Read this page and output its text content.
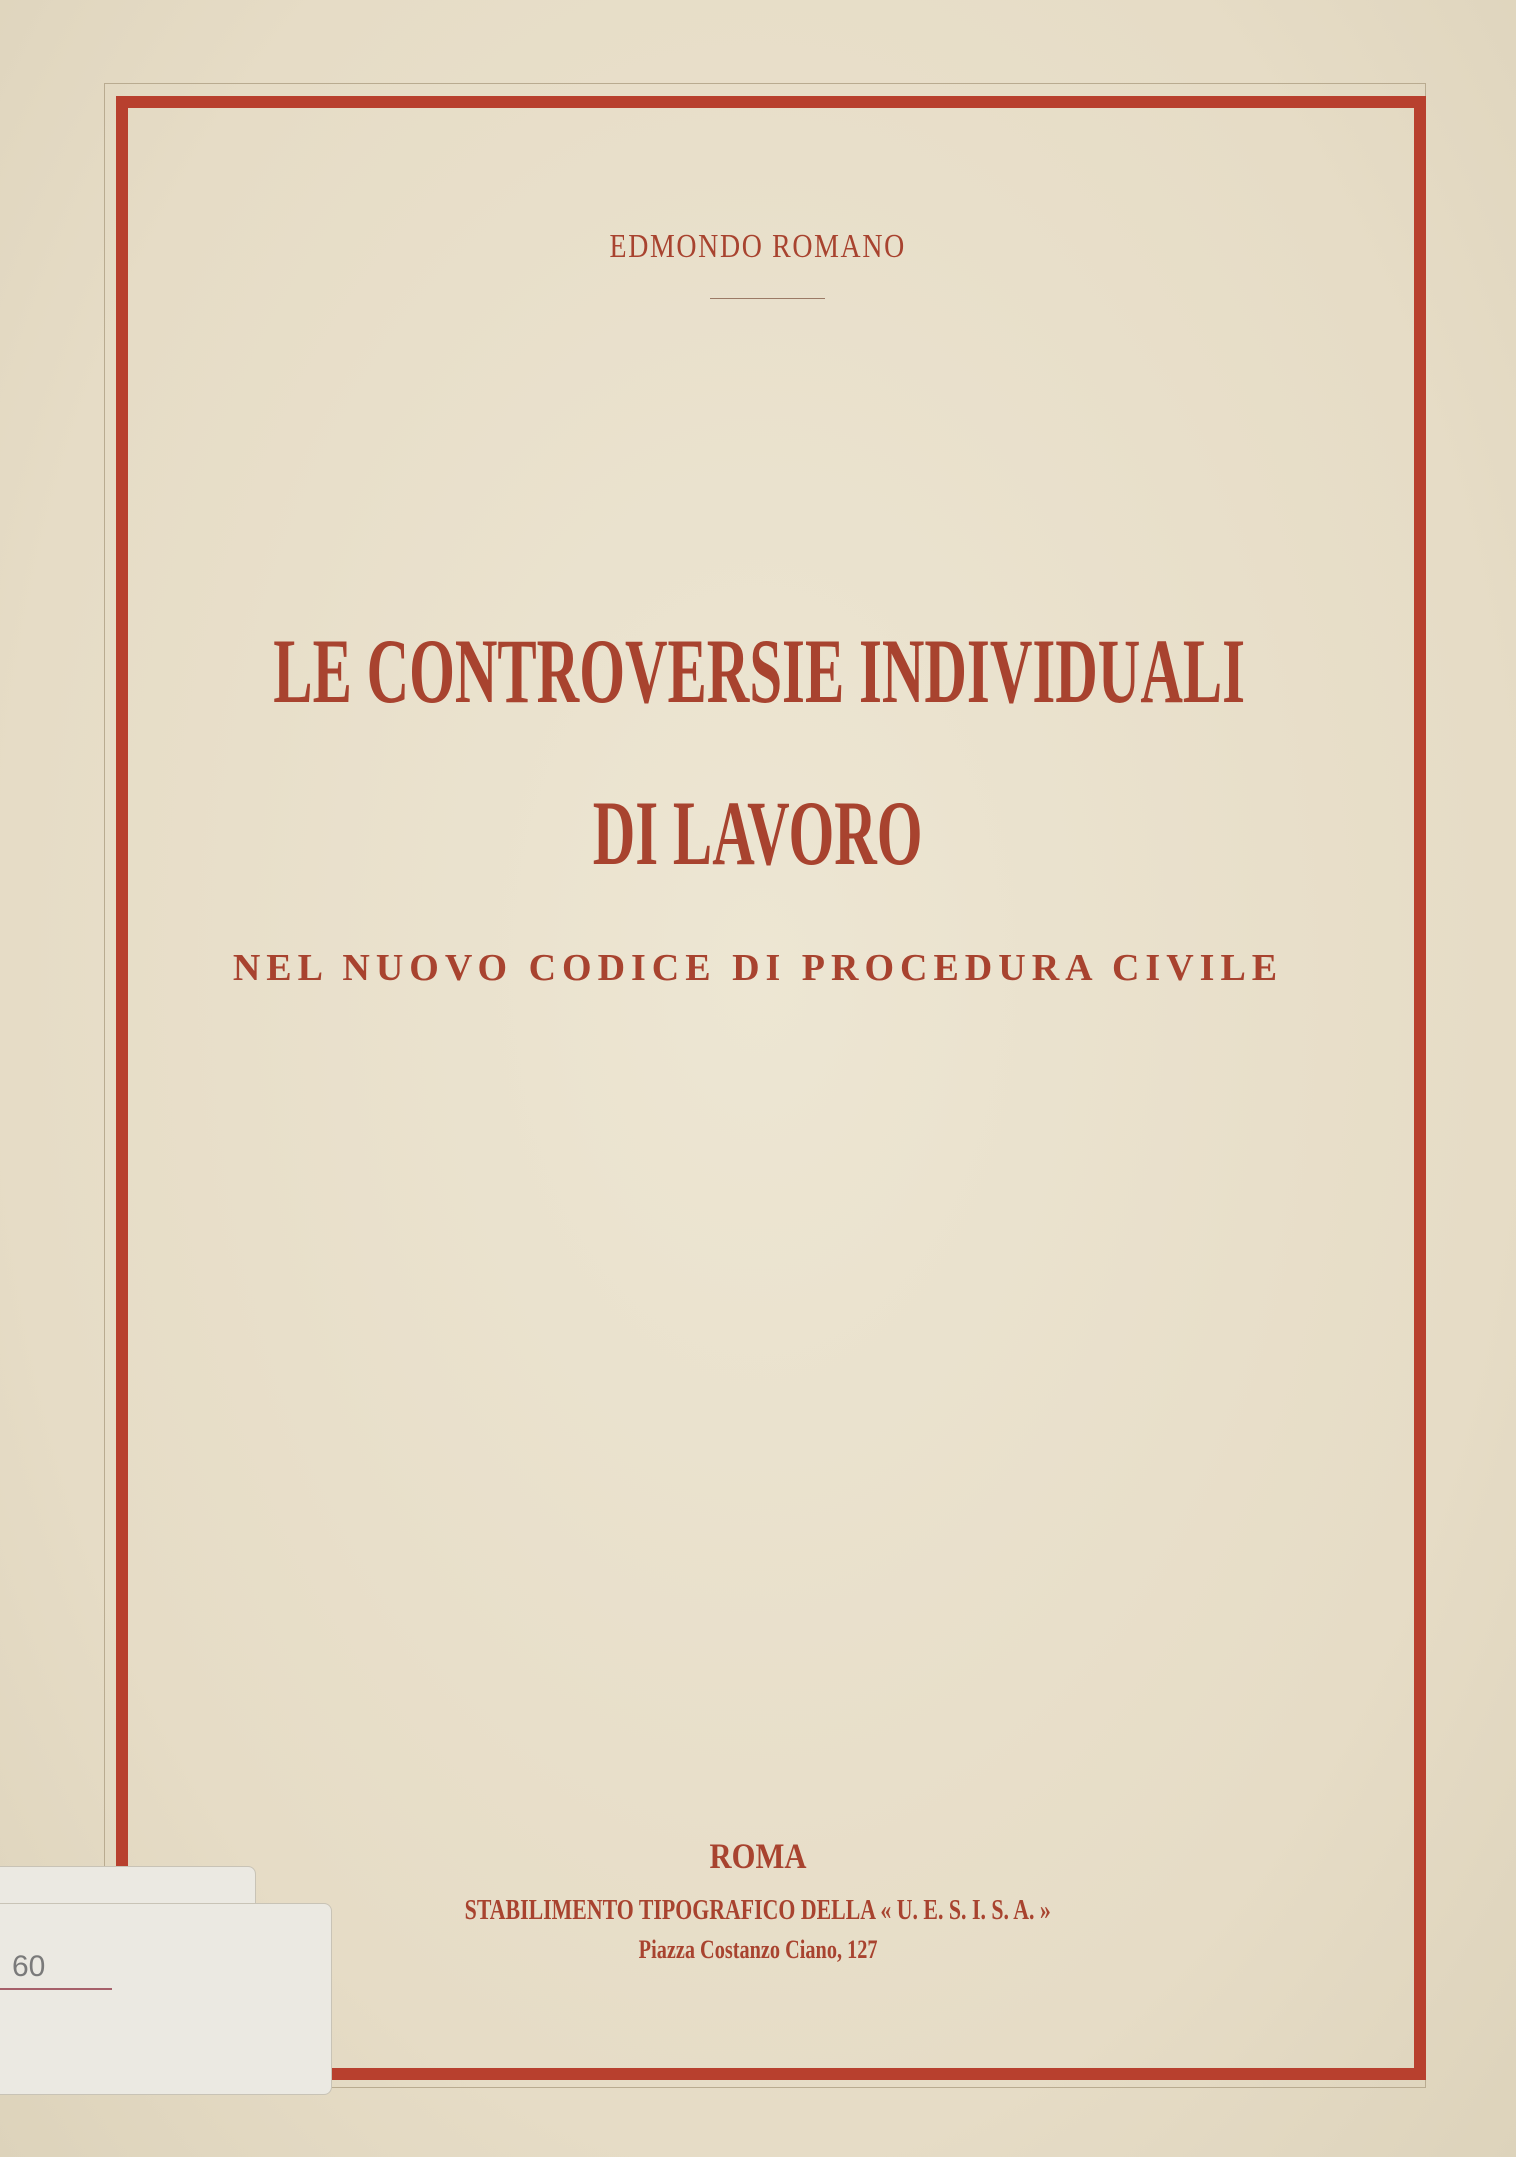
EDMONDO ROMANO
LE CONTROVERSIE INDIVIDUALI
DI LAVORO
NEL NUOVO CODICE DI PROCEDURA CIVILE
ROMA
STABILIMENTO TIPOGRAFICO DELLA « U. E. S. I. S. A. »
Piazza Costanzo Ciano, 127
60
